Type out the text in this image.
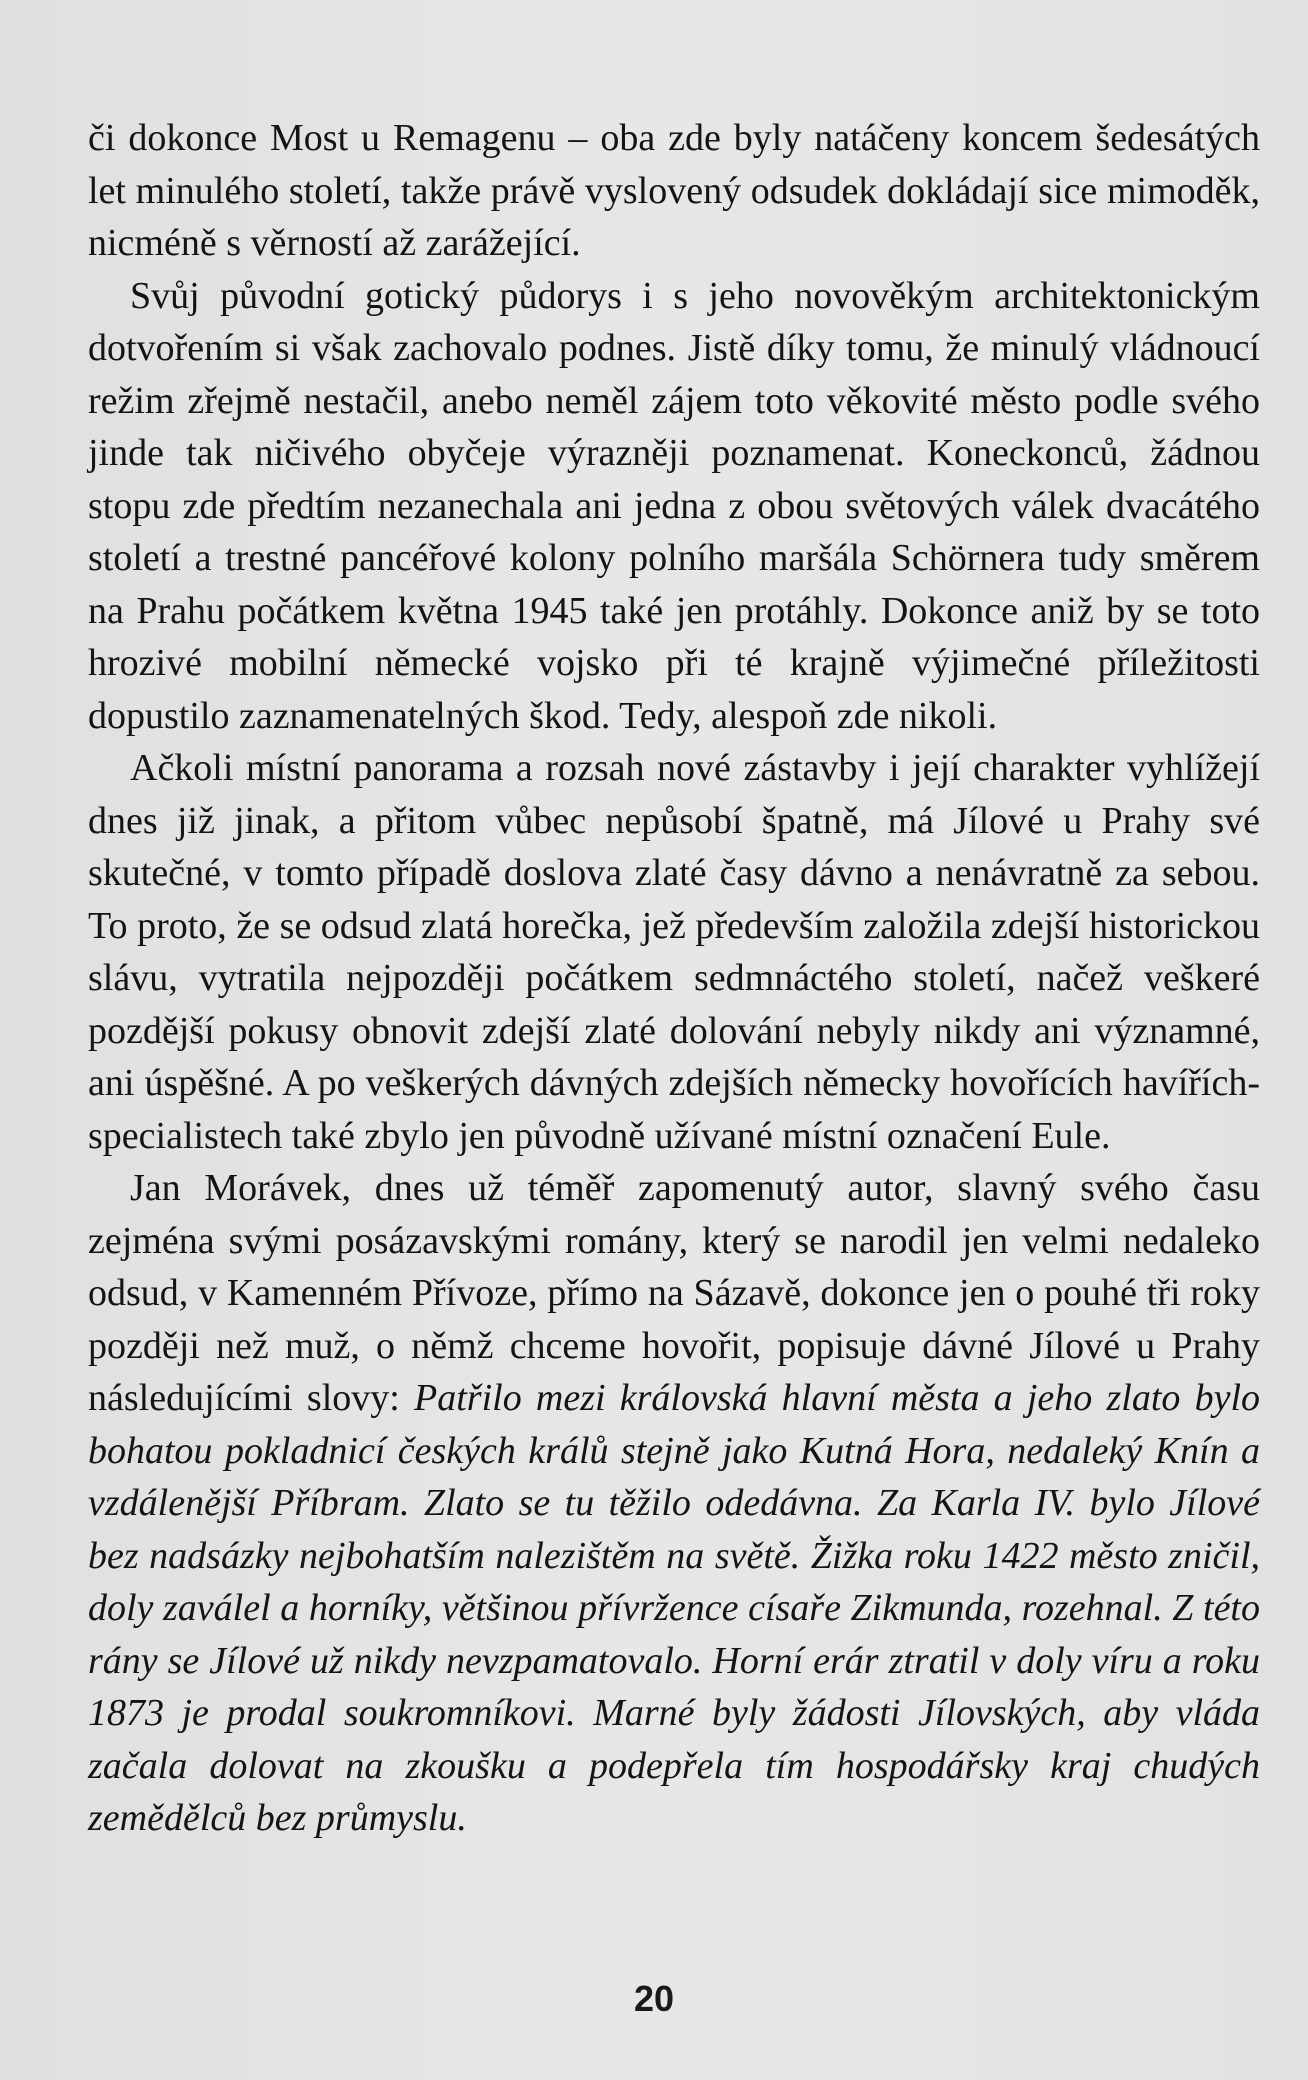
či dokonce Most u Remagenu – oba zde byly natáčeny koncem šedesátých let minulého století, takže právě vyslovený odsudek dokládají sice mimoděk, nicméně s věrností až zarážející.

Svůj původní gotický půdorys i s jeho novověkým architektonickým dotvořením si však zachovalo podnes. Jistě díky tomu, že minulý vládnoucí režim zřejmě nestačil, anebo neměl zájem toto věkovité město podle svého jinde tak ničivého obyčeje výrazněji poznamenat. Koneckonců, žádnou stopu zde předtím nezanechala ani jedna z obou světových válek dvacátého století a trestné pancéřové kolony polního maršála Schörnera tudy směrem na Prahu počátkem května 1945 také jen protáhly. Dokonce aniž by se toto hrozivé mobilní německé vojsko při té krajně výjimečné příležitosti dopustilo zaznamenatelných škod. Tedy, alespoň zde nikoli.

Ačkoli místní panorama a rozsah nové zástavby i její charakter vyhlížejí dnes již jinak, a přitom vůbec nepůsobí špatně, má Jílové u Prahy své skutečné, v tomto případě doslova zlaté časy dávno a nenávratně za sebou. To proto, že se odsud zlatá horečka, jež především založila zdejší historickou slávu, vytratila nejpozději počátkem sedmnáctého století, načež veškeré pozdější pokusy obnovit zdejší zlaté dolování nebyly nikdy ani významné, ani úspěšné. A po veškerých dávných zdejších německy hovořících havířích-specialistech také zbylo jen původně užívané místní označení Eule.

Jan Morávek, dnes už téměř zapomenutý autor, slavný svého času zejména svými posázavskými romány, který se narodil jen velmi nedaleko odsud, v Kamenném Přívoze, přímo na Sázavě, dokonce jen o pouhé tři roky později než muž, o němž chceme hovořit, popisuje dávné Jílové u Prahy následujícími slovy: Patřilo mezi královská hlavní města a jeho zlato bylo bohatou pokladnicí českých králů stejně jako Kutná Hora, nedaleký Knín a vzdálenější Příbram. Zlato se tu těžilo odedávna. Za Karla IV. bylo Jílové bez nadsázky nejbohatším nalezištěm na světě. Žižka roku 1422 město zničil, doly zaválel a horníky, většinou přívržence císaře Zikmunda, rozehnal. Z této rány se Jílové už nikdy nevzpamatovalo. Horní erár ztratil v doly víru a roku 1873 je prodal soukromníkovi. Marné byly žádosti Jílovských, aby vláda začala dolovat na zkoušku a podepřela tím hospodářsky kraj chudých zemědělců bez průmyslu.

20
